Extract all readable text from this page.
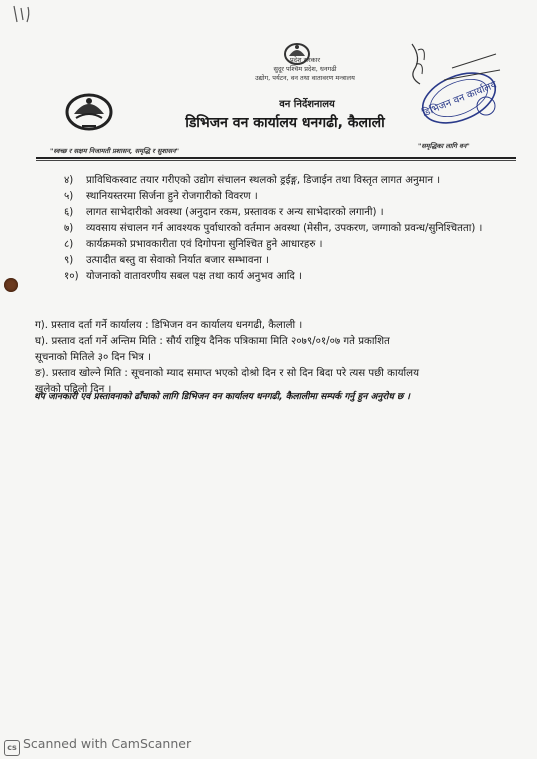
प्रदेश सरकार
सुदूर पश्चिम प्रदेश, धनगढी
उद्योग, पर्यटन, वन तथा वातावरण मन्त्रालय
वन निर्देशनालय
डिभिजन वन कार्यालय धनगढी, कैलाली
डिभिजन वन कार्यालय
"स्वच्छ र सक्षम निजामती प्रशासन, समृद्धि र सुशासन"
"समृद्धिका लागि वन"
४) प्राविधिकस्वाट तयार गरीएको उद्योग संचालन स्थलको ड्रईङ्ग, डिजाईन तथा विस्तृत लागत अनुमान ।
५) स्थानियस्तरमा सिर्जना हुने रोजगारीको विवरण ।
६) लागत साभेदारीको अवस्था (अनुदान रकम, प्रस्तावक र अन्य साभेदारको लगानी) ।
७) व्यवसाय संचालन गर्न आवश्यक पुर्वाधारको वर्तमान अवस्था (मेसीन, उपकरण, जग्गाको प्रवन्ध/सुनिश्चितता) ।
८) कार्यक्रमको प्रभावकारीता एवं दिगोपना सुनिश्चित हुने आधारहरु ।
९) उत्पादीत बस्तु वा सेवाको निर्यात बजार सम्भावना ।
१०) योजनाको वातावरणीय सबल पक्ष तथा कार्य अनुभव आदि ।
ग). प्रस्ताव दर्ता गर्ने कार्यालय : डिभिजन वन कार्यालय धनगढी, कैलाली ।
घ). प्रस्ताव दर्ता गर्ने अन्तिम मिति : सौर्य राष्ट्रिय दैनिक पत्रिकामा मिति २०७९/०१/०७ गते प्रकाशित
सूचनाको मितिले ३० दिन भित्र ।
ङ). प्रस्ताव खोल्ने मिति : सूचनाको म्याद समाप्त भएको दोश्रो दिन र सो दिन बिदा परे त्यस पछी कार्यालय
खुलेको पहिलो दिन ।
थप जानकारी एवं प्रस्तावनाको ढाँचाको लागि डिभिजन वन कार्यालय धनगढी, कैलालीमा सम्पर्क गर्नु हुन अनुरोध छ ।
cs Scanned with CamScanner
